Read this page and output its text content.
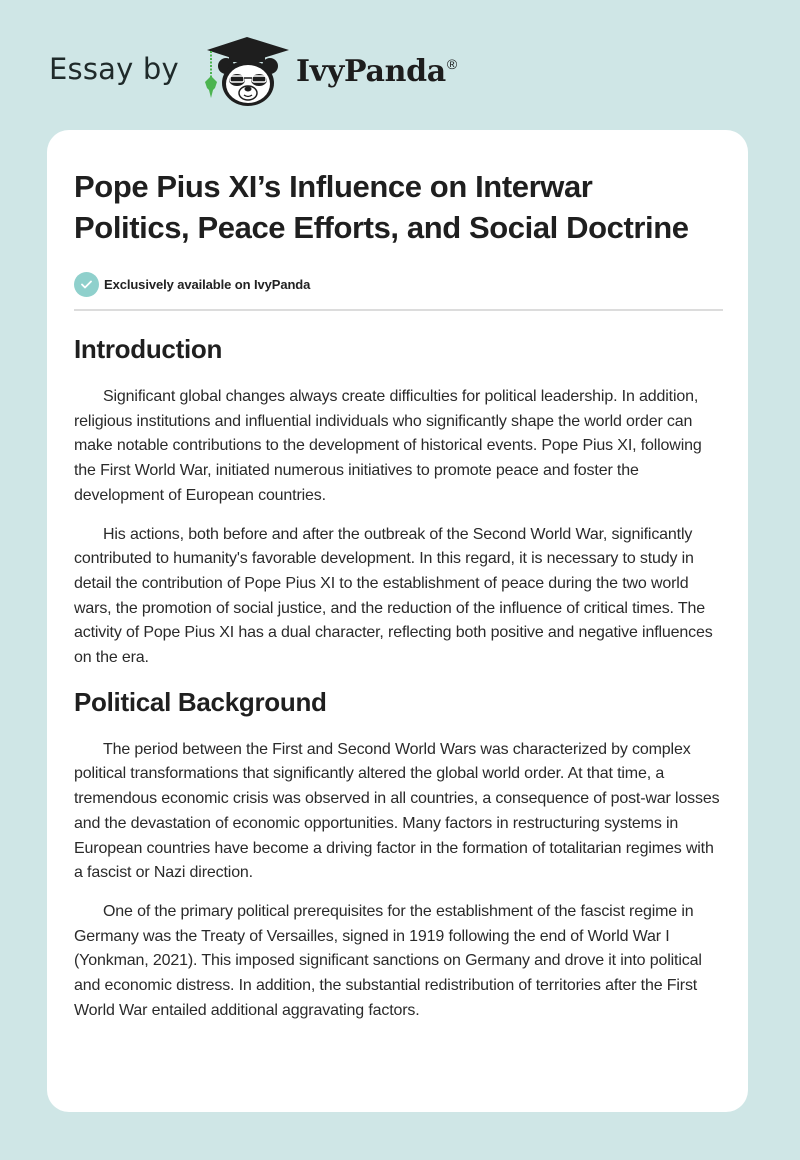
Essay by	IvyPanda®
Pope Pius XI’s Influence on Interwar Politics, Peace Efforts, and Social Doctrine
Exclusively available on IvyPanda
Introduction

Significant global changes always create difficulties for political leadership. In addition, religious institutions and influential individuals who significantly shape the world order can make notable contributions to the development of historical events. Pope Pius XI, following the First World War, initiated numerous initiatives to promote peace and foster the development of European countries.

His actions, both before and after the outbreak of the Second World War, significantly contributed to humanity's favorable development. In this regard, it is necessary to study in detail the contribution of Pope Pius XI to the establishment of peace during the two world wars, the promotion of social justice, and the reduction of the influence of critical times. The activity of Pope Pius XI has a dual character, reflecting both positive and negative influences on the era.

Political Background

The period between the First and Second World Wars was characterized by complex political transformations that significantly altered the global world order. At that time, a tremendous economic crisis was observed in all countries, a consequence of post-war losses and the devastation of economic opportunities. Many factors in restructuring systems in European countries have become a driving factor in the formation of totalitarian regimes with a fascist or Nazi direction.

One of the primary political prerequisites for the establishment of the fascist regime in Germany was the Treaty of Versailles, signed in 1919 following the end of World War I (Yonkman, 2021). This imposed significant sanctions on Germany and drove it into political and economic distress. In addition, the substantial redistribution of territories after the First World War entailed additional aggravating factors.
